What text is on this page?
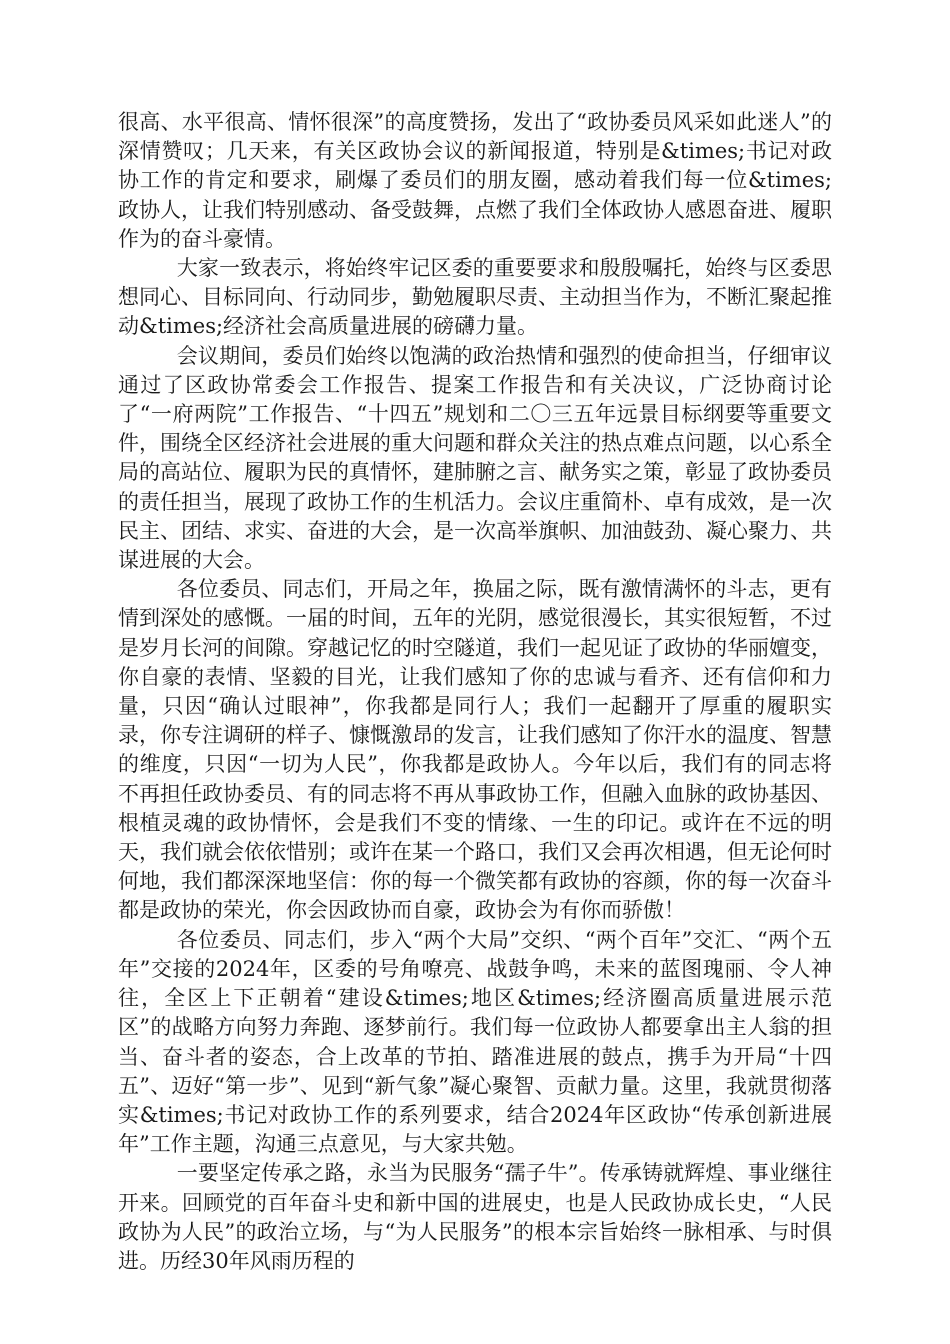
很高、水平很高、情怀很深”的高度赞扬，发出了“政协委员风采如此迷人”的深情赞叹；几天来，有关区政协会议的新闻报道，特别是&times;书记对政协工作的肯定和要求，刷爆了委员们的朋友圈，感动着我们每一位&times;政协人，让我们特别感动、备受鼓舞，点燃了我们全体政协人感恩奋进、履职作为的奋斗豪情。

大家一致表示，将始终牢记区委的重要要求和殷殷嘱托，始终与区委思想同心、目标同向、行动同步，勤勉履职尽责、主动担当作为，不断汇聚起推动&times;经济社会高质量进展的磅礴力量。

会议期间，委员们始终以饱满的政治热情和强烈的使命担当，仔细审议通过了区政协常委会工作报告、提案工作报告和有关决议，广泛协商讨论了“一府两院”工作报告、“十四五”规划和二〇三五年远景目标纲要等重要文件，围绕全区经济社会进展的重大问题和群众关注的热点难点问题，以心系全局的高站位、履职为民的真情怀，建肺腑之言、献务实之策，彰显了政协委员的责任担当，展现了政协工作的生机活力。会议庄重简朴、卓有成效，是一次民主、团结、求实、奋进的大会，是一次高举旗帜、加油鼓劲、凝心聚力、共谋进展的大会。

各位委员、同志们，开局之年，换届之际，既有激情满怀的斗志，更有情到深处的感慨。一届的时间，五年的光阴，感觉很漫长，其实很短暂，不过是岁月长河的间隙。穿越记忆的时空隧道，我们一起见证了政协的华丽嬗变，你自豪的表情、坚毅的目光，让我们感知了你的忠诚与看齐、还有信仰和力量，只因“确认过眼神”，你我都是同行人；我们一起翻开了厚重的履职实录，你专注调研的样子、慷慨激昂的发言，让我们感知了你汗水的温度、智慧的维度，只因“一切为人民”，你我都是政协人。今年以后，我们有的同志将不再担任政协委员、有的同志将不再从事政协工作，但融入血脉的政协基因、根植灵魂的政协情怀，会是我们不变的情缘、一生的印记。或许在不远的明天，我们就会依依惜别；或许在某一个路口，我们又会再次相遇，但无论何时何地，我们都深深地坚信：你的每一个微笑都有政协的容颜，你的每一次奋斗都是政协的荣光，你会因政协而自豪，政协会为有你而骄傲！

各位委员、同志们，步入“两个大局”交织、“两个百年”交汇、“两个五年”交接的2024年，区委的号角嘹亮、战鼓争鸣，未来的蓝图瑰丽、令人神往，全区上下正朝着“建设&times;地区&times;经济圈高质量进展示范区”的战略方向努力奔跑、逐梦前行。我们每一位政协人都要拿出主人翁的担当、奋斗者的姿态，合上改革的节拍、踏准进展的鼓点，携手为开局“十四五”、迈好“第一步”、见到“新气象”凝心聚智、贡献力量。这里，我就贯彻落实&times;书记对政协工作的系列要求，结合2024年区政协“传承创新进展年”工作主题，沟通三点意见，与大家共勉。

一要坚定传承之路，永当为民服务“孺子牛”。传承铸就辉煌、事业继往开来。回顾党的百年奋斗史和新中国的进展史，也是人民政协成长史，“人民政协为人民”的政治立场，与“为人民服务”的根本宗旨始终一脉相承、与时俱进。历经30年风雨历程的
